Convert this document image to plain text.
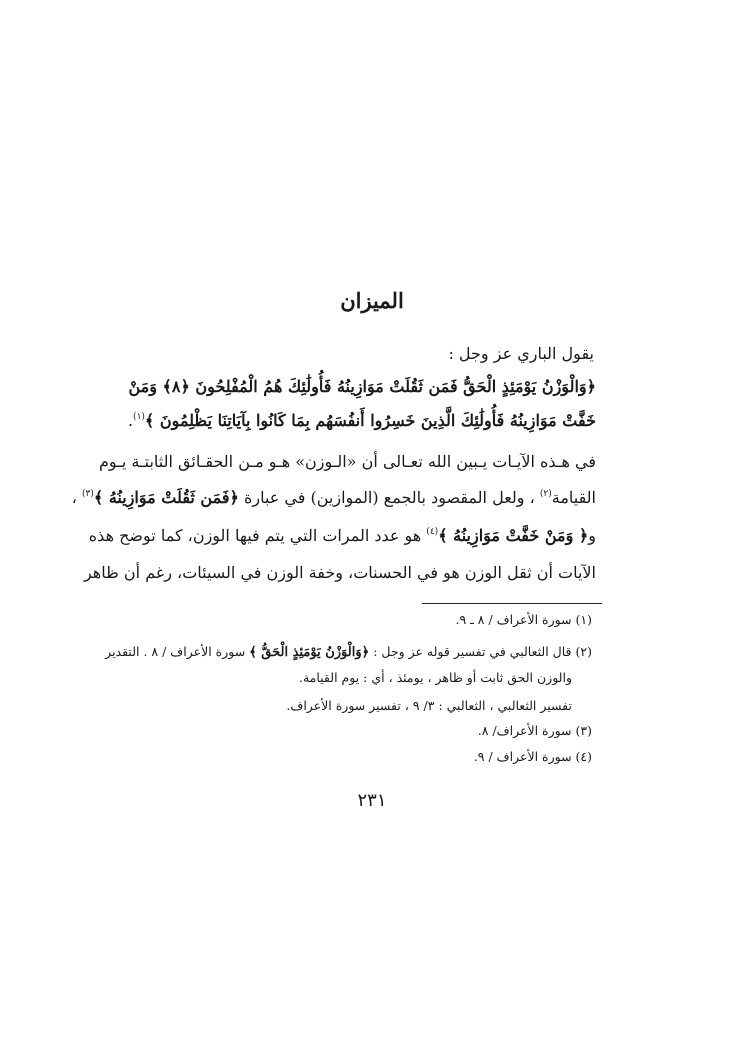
الميزان
يقول الباري عز وجل :
﴿وَالْوَزْنُ يَوْمَئِذٍ الْحَقُّ فَمَن ثَقُلَتْ مَوَازِينُهُ فَأُولَٰئِكَ هُمُ الْمُفْلِحُونَ ﴿٨﴾ وَمَنْ
خَفَّتْ مَوَازِينُهُ فَأُولَٰئِكَ الَّذِينَ خَسِرُوا أَنفُسَهُم بِمَا كَانُوا بِآيَاتِنَا يَظْلِمُونَ ﴾$^{(١)}$.
في هـذه الآيـات يـبين الله تعـالى أن «الـوزن» هـو مـن الحقـائق الثابتـة يـوم
القيامة$^{(٢)}$ ، ولعل المقصود بالجمع (الموازين) في عبارة ﴿فَمَن ثَقُلَتْ مَوَازِينُهُ ﴾$^{(٣)}$ ،
و﴿ وَمَنْ خَفَّتْ مَوَازِينُهُ ﴾$^{(٤)}$ هو عدد المرات التي يتم فيها الوزن، كما توضح هذه
الآيات أن ثقل الوزن هو في الحسنات، وخفة الوزن في السيئات، رغم أن ظاهر
(١) سورة الأعراف / ٨ ـ ٩.
(٢) قال الثعالبي في تفسير قوله عز وجل : ﴿وَالْوَزْنُ يَوْمَئِذٍ الْحَقُّ ﴾ سورة الأعراف / ٨ . التقدير
والوزن الحق ثابت أو ظاهر ، يومئذ ، أي : يوم القيامة.
تفسير الثعالبي ، الثعالبي : ٣/ ٩ ، تفسير سورة الأعراف.
(٣) سورة الأعراف/ ٨.
(٤) سورة الأعراف / ٩.
٢٣١
